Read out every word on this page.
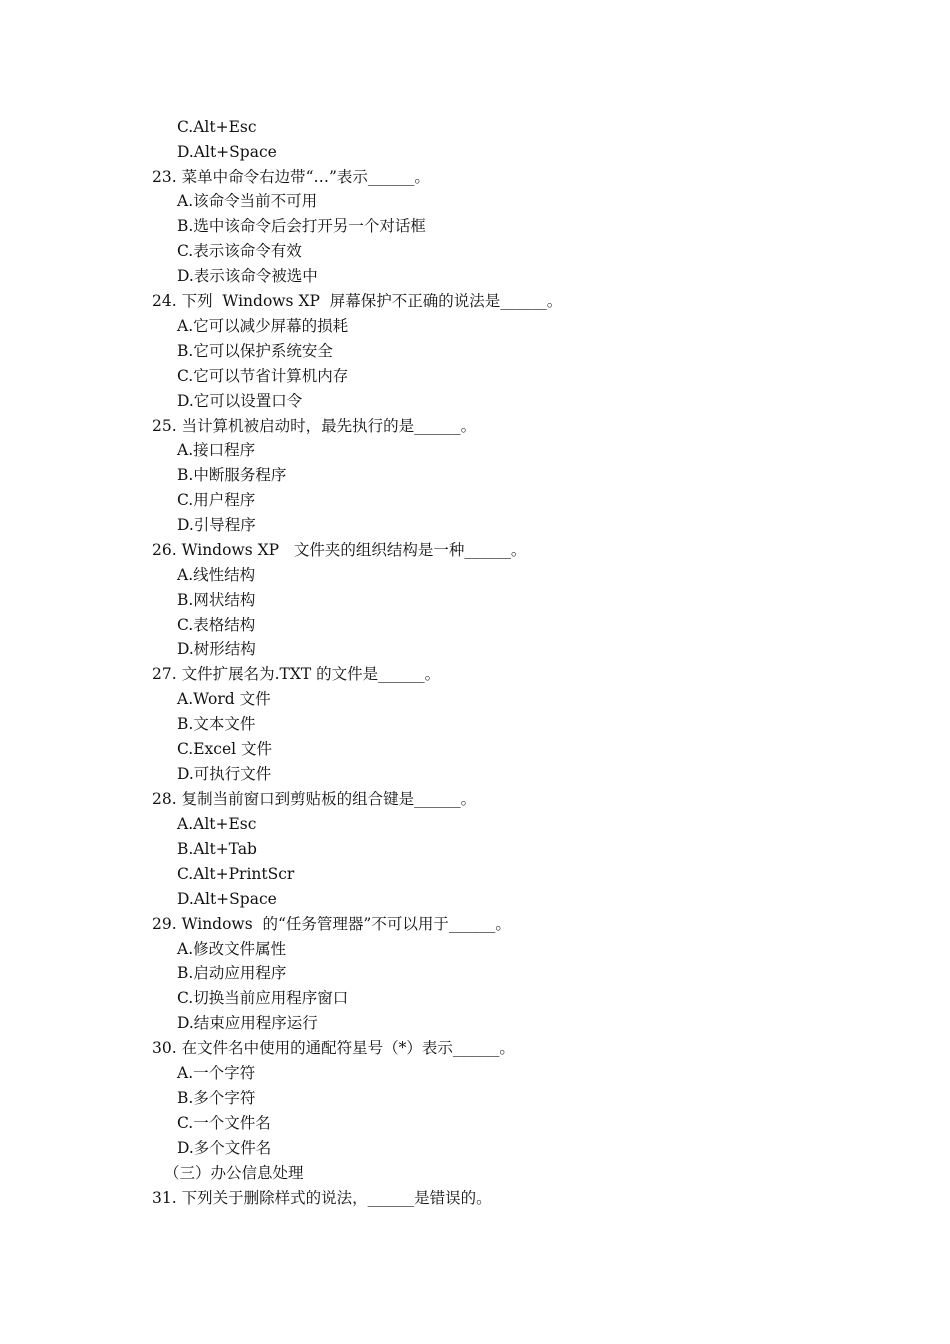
C.Alt+Esc
D.Alt+Space
23. 菜单中命令右边带“…”表示______。
A.该命令当前不可用
B.选中该命令后会打开另一个对话框
C.表示该命令有效
D.表示该命令被选中
24. 下列  Windows XP  屏幕保护不正确的说法是______。
A.它可以减少屏幕的损耗
B.它可以保护系统安全
C.它可以节省计算机内存
D.它可以设置口令
25. 当计算机被启动时，最先执行的是______。
A.接口程序
B.中断服务程序
C.用户程序
D.引导程序
26. Windows XP   文件夹的组织结构是一种______。
A.线性结构
B.网状结构
C.表格结构
D.树形结构
27. 文件扩展名为.TXT 的文件是______。
A.Word 文件
B.文本文件
C.Excel 文件
D.可执行文件
28. 复制当前窗口到剪贴板的组合键是______。
A.Alt+Esc
B.Alt+Tab
C.Alt+PrintScr
D.Alt+Space
29. Windows  的“任务管理器”不可以用于______。
A.修改文件属性
B.启动应用程序
C.切换当前应用程序窗口
D.结束应用程序运行
30. 在文件名中使用的通配符星号（*）表示______。
A.一个字符
B.多个字符
C.一个文件名
D.多个文件名
（三）办公信息处理
31. 下列关于删除样式的说法，______是错误的。
